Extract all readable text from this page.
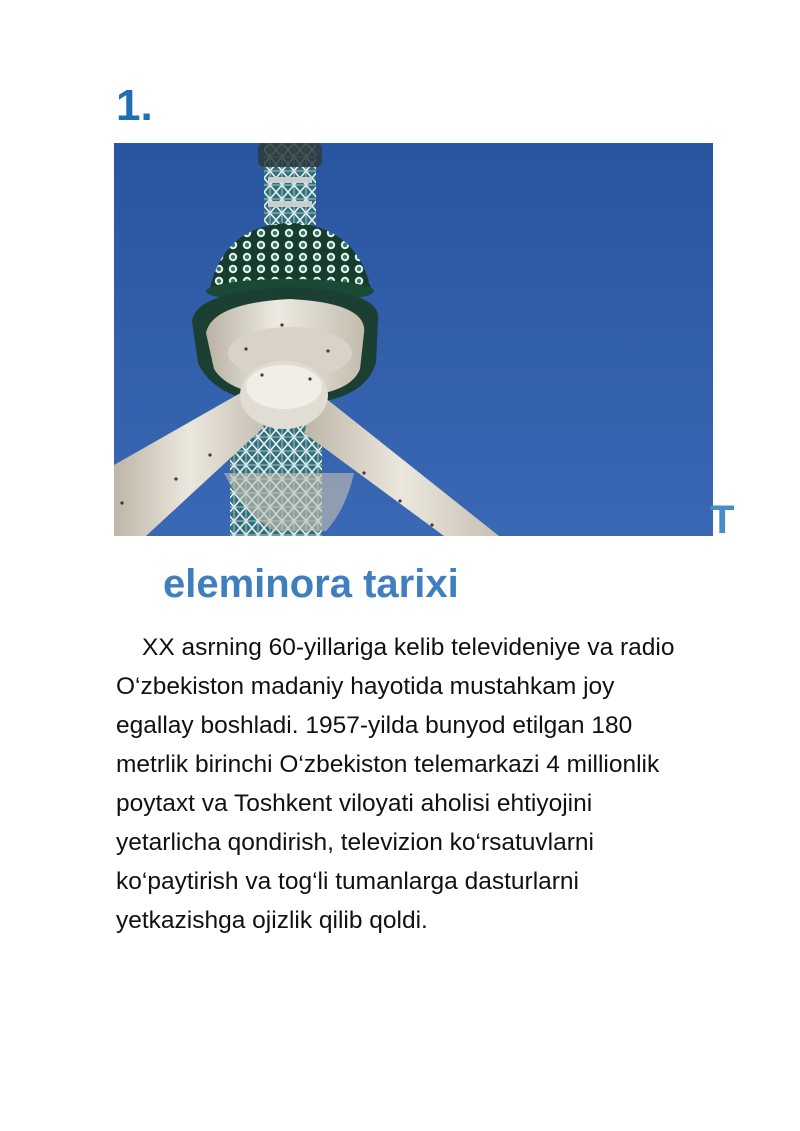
1.
T
eleminora tarixi
XX asrning 60-yillariga kelib televideniye va radio
O‘zbekiston madaniy hayotida mustahkam joy
egallay boshladi. 1957-yilda bunyod etilgan 180
metrlik birinchi O‘zbekiston telemarkazi 4 millionlik
poytaxt va Toshkent viloyati aholisi ehtiyojini
yetarlicha qondirish, televizion ko‘rsatuvlarni
ko‘paytirish va tog‘li tumanlarga dasturlarni
yetkazishga ojizlik qilib qoldi.
